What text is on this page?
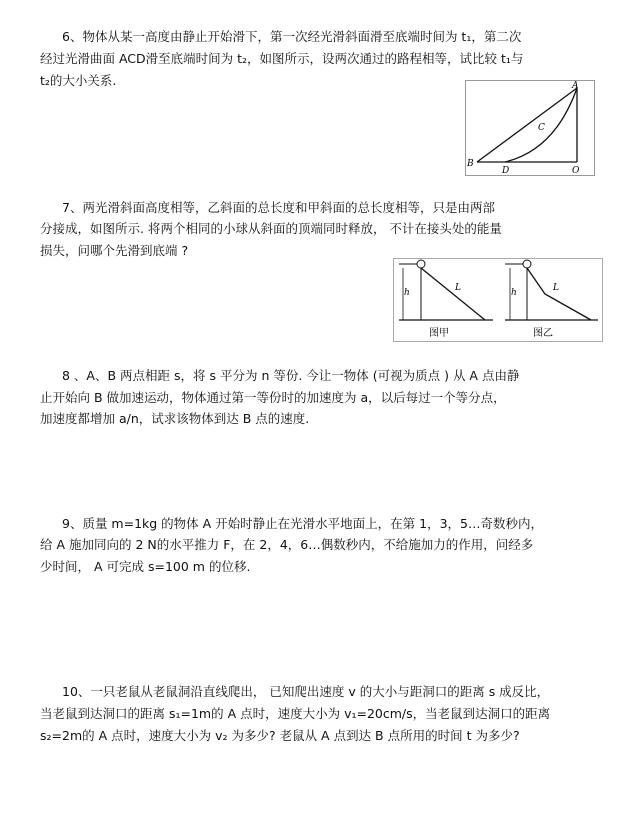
6、物体从某一高度由静止开始滑下，第一次经光滑斜面滑至底端时间为 t₁，第二次
经过光滑曲面 ACD滑至底端时间为 t₂，如图所示，设两次通过的路程相等，试比较 t₁与
t₂的大小关系.	A
C
B
D	O
7、两光滑斜面高度相等，乙斜面的总长度和甲斜面的总长度相等，只是由两部
分接成，如图所示. 将两个相同的小球从斜面的顶端同时释放， 不计在接头处的能量
损失，问哪个先滑到底端 ?
h	L
图甲
h	L
图乙
8 、A、B 两点相距 s，将 s 平分为 n 等份. 今让一物体 (可视为质点 ) 从 A 点由静
止开始向 B 做加速运动，物体通过第一等份时的加速度为 a，以后每过一个等分点，
加速度都增加 a/n，试求该物体到达 B 点的速度.
9、质量 m=1kg 的物体 A 开始时静止在光滑水平地面上，在第 1，3，5…奇数秒内，
给 A 施加同向的 2 N的水平推力 F，在 2，4，6…偶数秒内，不给施加力的作用，问经多
少时间， A 可完成 s=100 m 的位移.
10、一只老鼠从老鼠洞沿直线爬出， 已知爬出速度 v 的大小与距洞口的距离 s 成反比，
当老鼠到达洞口的距离 s₁=1m的 A 点时，速度大小为 v₁=20cm/s，当老鼠到达洞口的距离
s₂=2m的 A 点时，速度大小为 v₂ 为多少? 老鼠从 A 点到达 B 点所用的时间 t 为多少?
